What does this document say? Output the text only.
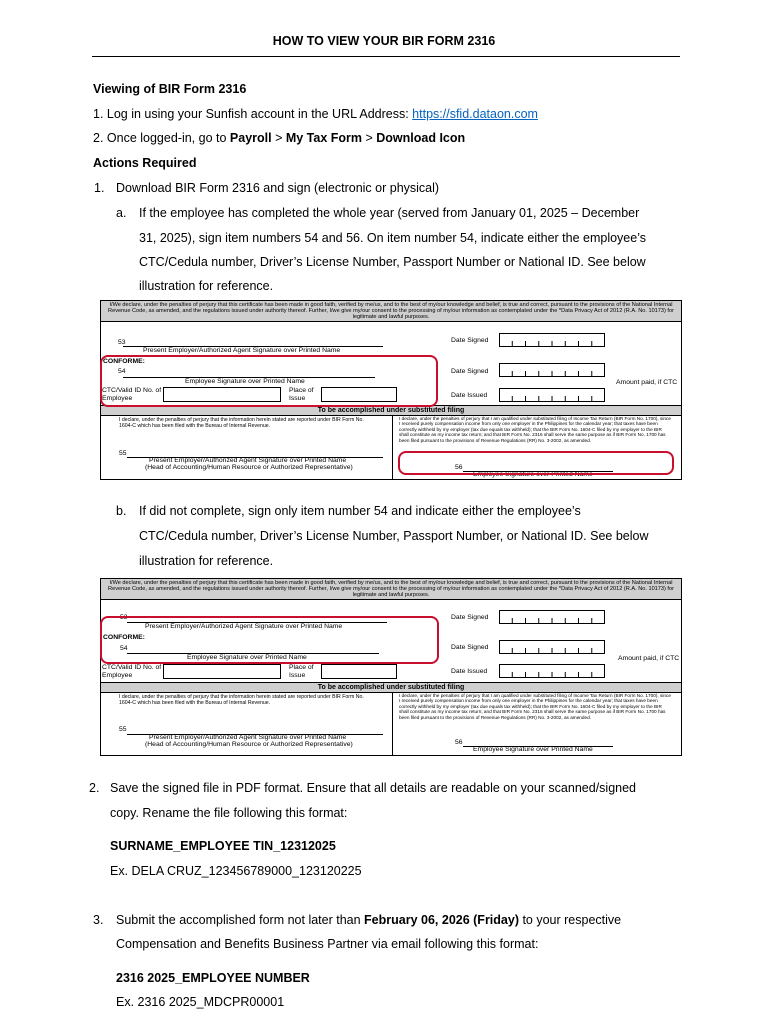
HOW TO VIEW YOUR BIR FORM 2316
Viewing of BIR Form 2316
1. Log in using your Sunfish account in the URL Address: https://sfid.dataon.com
2. Once logged-in, go to Payroll > My Tax Form > Download Icon
Actions Required
1. Download BIR Form 2316 and sign (electronic or physical)
a. If the employee has completed the whole year (served from January 01, 2025 – December
31, 2025), sign item numbers 54 and 56. On item number 54, indicate either the employee’s
CTC/Cedula number, Driver’s License Number, Passport Number or National ID. See below
illustration for reference.
I/We declare, under the penalties of perjury that this certificate has been made in good faith, verified by me/us, and to the best of my/our knowledge and belief, is true and correct, pursuant to the provisions of the National Internal Revenue Code, as amended, and the regulations issued under authority thereof. Further, I/we give my/our consent to the processing of my/our information as contemplated under the *Data Privacy Act of 2012 (R.A. No. 10173) for legitimate and lawful purposes.
53
Present Employer/Authorized Agent Signature over Printed Name
CONFORME:
54
Employee Signature over Printed Name
CTC/Valid ID No. of Employee
Place of Issue
Date Signed
Date Signed
Amount paid, if CTC
Date Issued
To be accomplished under substituted filing
I declare, under the penalties of perjury that the information herein stated are reported under BIR Form No. 1604-C which has been filed with the Bureau of Internal Revenue.
55
Present Employer/Authorized Agent Signature over Printed Name
(Head of Accounting/Human Resource or Authorized Representative)
I declare, under the penalties of perjury that I am qualified under substituted filing of Income Tax Return (BIR Form No. 1700), since I received purely compensation income from only one employer in the Philippines for the calendar year; that taxes have been correctly withheld by my employer (tax due equals tax withheld); that the BIR Form No. 1604-C filed by my employer to the BIR shall constitute as my income tax return; and that BIR Form No. 2316 shall serve the same purpose as if BIR Form No. 1700 has been filed pursuant to the provisions of Revenue Regulations (RR) No. 3-2002, as amended.
56
Employee Signature over Printed Name
b. If did not complete, sign only item number 54 and indicate either the employee’s
CTC/Cedula number, Driver’s License Number, Passport Number, or National ID. See below
illustration for reference.
I/We declare, under the penalties of perjury that this certificate has been made in good faith, verified by me/us, and to the best of my/our knowledge and belief, is true and correct, pursuant to the provisions of the National Internal Revenue Code, as amended, and the regulations issued under authority thereof. Further, I/we give my/our consent to the processing of my/our information as contemplated under the *Data Privacy Act of 2012 (R.A. No. 10173) for legitimate and lawful purposes.
53
Present Employer/Authorized Agent Signature over Printed Name
CONFORME:
54
Employee Signature over Printed Name
CTC/Valid ID No. of Employee
Place of Issue
Date Signed
Date Signed
Amount paid, if CTC
Date Issued
To be accomplished under substituted filing
I declare, under the penalties of perjury that the information herein stated are reported under BIR Form No. 1604-C which has been filed with the Bureau of Internal Revenue.
55
Present Employer/Authorized Agent Signature over Printed Name
(Head of Accounting/Human Resource or Authorized Representative)
I declare, under the penalties of perjury that I am qualified under substituted filing of Income Tax Return (BIR Form No. 1700), since I received purely compensation income from only one employer in the Philippines for the calendar year; that taxes have been correctly withheld by my employer (tax due equals tax withheld); that the BIR Form No. 1604-C filed by my employer to the BIR shall constitute as my income tax return; and that BIR Form No. 2316 shall serve the same purpose as if BIR Form No. 1700 has been filed pursuant to the provisions of Revenue Regulations (RR) No. 3-2002, as amended.
56
Employee Signature over Printed Name
2. Save the signed file in PDF format. Ensure that all details are readable on your scanned/signed
copy. Rename the file following this format:
SURNAME_EMPLOYEE TIN_12312025
Ex. DELA CRUZ_123456789000_123120225
3. Submit the accomplished form not later than February 06, 2026 (Friday) to your respective
Compensation and Benefits Business Partner via email following this format:
2316 2025_EMPLOYEE NUMBER
Ex. 2316 2025_MDCPR00001
